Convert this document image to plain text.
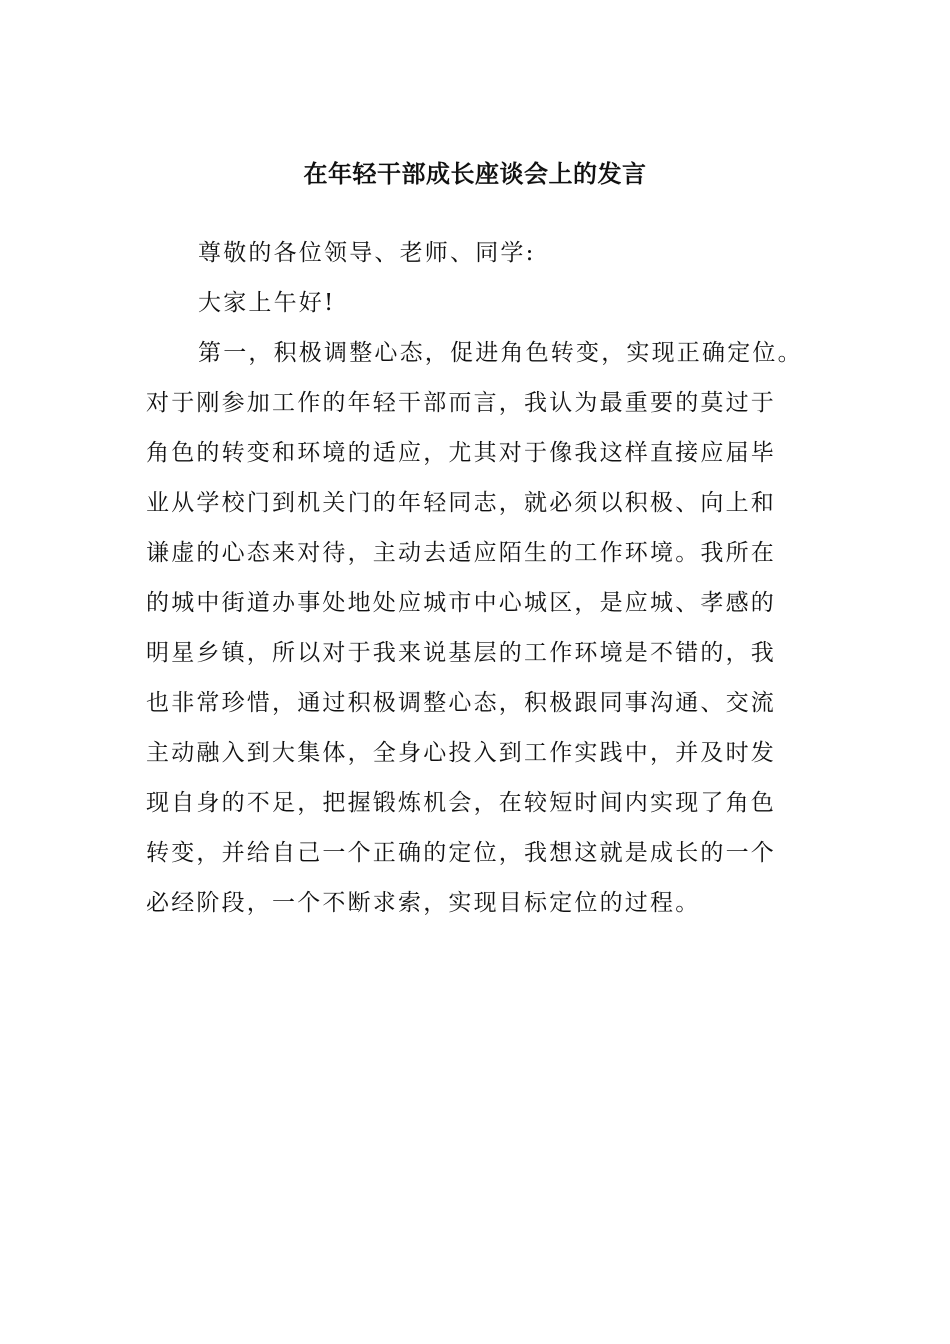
在年轻干部成长座谈会上的发言
尊敬的各位领导、老师、同学:
大家上午好!
第一，积极调整心态，促进角色转变，实现正确定位。
对于刚参加工作的年轻干部而言，我认为最重要的莫过于
角色的转变和环境的适应，尤其对于像我这样直接应届毕
业从学校门到机关门的年轻同志，就必须以积极、向上和
谦虚的心态来对待，主动去适应陌生的工作环境。我所在
的城中街道办事处地处应城市中心城区，是应城、孝感的
明星乡镇，所以对于我来说基层的工作环境是不错的，我
也非常珍惜，通过积极调整心态，积极跟同事沟通、交流
主动融入到大集体，全身心投入到工作实践中，并及时发
现自身的不足，把握锻炼机会，在较短时间内实现了角色
转变，并给自己一个正确的定位，我想这就是成长的一个
必经阶段，一个不断求索，实现目标定位的过程。
